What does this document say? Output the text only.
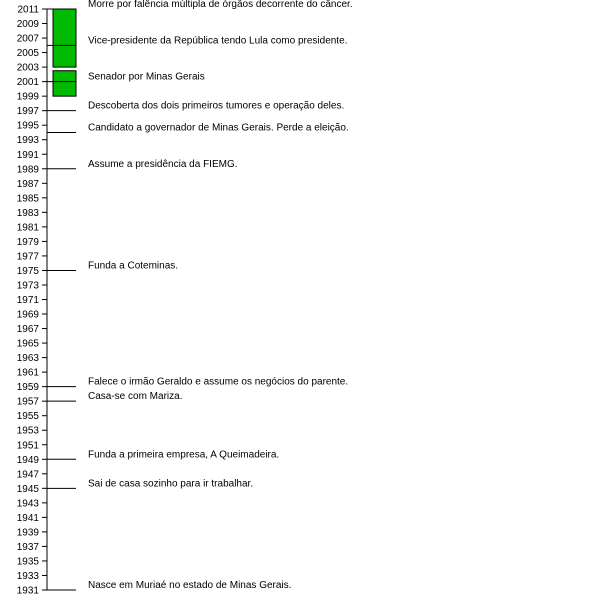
2011
2009
2007
2005
2003
2001
1999
1997
1995
1993
1991
1989
1987
1985
1983
1981
1979
1977
1975
1973
1971
1969
1967
1965
1963
1961
1959
1957
1955
1953
1951
1949
1947
1945
1943
1941
1939
1937
1935
1933
1931
Morre por falência múltipla de órgãos decorrente do câncer.
Vice-presidente da República tendo Lula como presidente.
Senador por Minas Gerais
Descoberta dos dois primeiros tumores e operação deles.
Candidato a governador de Minas Gerais. Perde a eleição.
Assume a presidência da FIEMG.
Funda a Coteminas.
Falece o irmão Geraldo e assume os negócios do parente.
Casa-se com Mariza.
Funda a primeira empresa, A Queimadeira.
Sai de casa sozinho para ir trabalhar.
Nasce em Muriaé no estado de Minas Gerais.
